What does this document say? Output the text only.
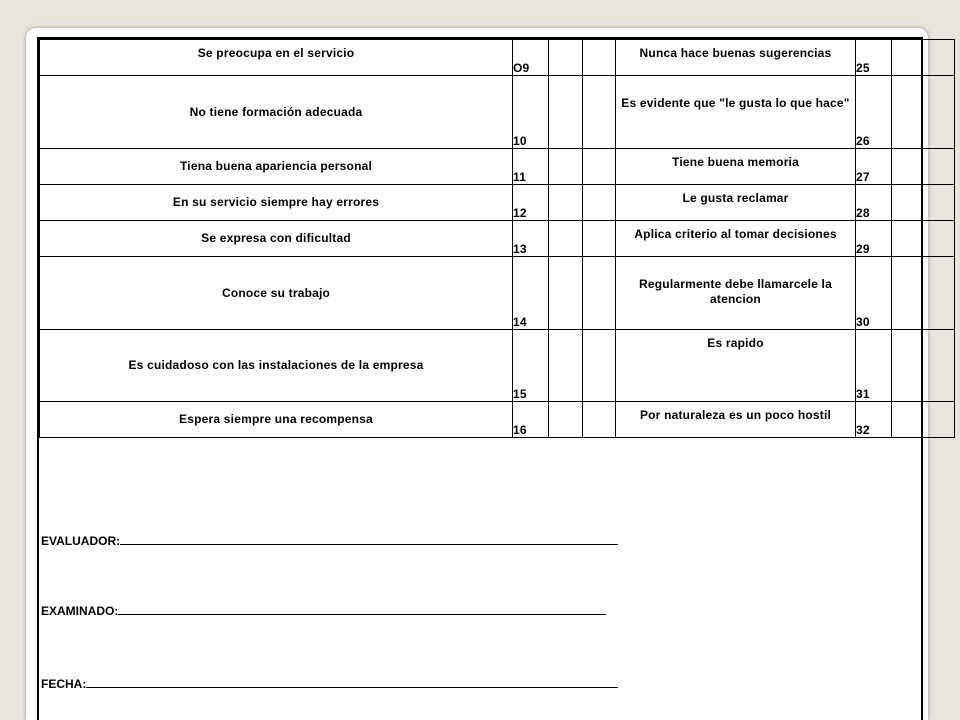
Se preocupa en el servicio	O9			Nunca hace buenas sugerencias	25		
No tiene formación adecuada	10			Es evidente que "le gusta lo que hace"	26		
Tiena buena apariencia personal	11			Tiene buena memoria	27		
En su servicio siempre hay errores	12			Le gusta reclamar	28		
Se expresa con dificultad	13			Aplica criterio al tomar decisiones	29		
Conoce su trabajo	14			Regularmente debe llamarcele la atencion	30		
Es cuidadoso con las instalaciones de la empresa	15			Es rapido	31		
Espera siempre una recompensa	16			Por naturaleza es un poco hostil	32		
EVALUADOR:
EXAMINADO:
FECHA:
